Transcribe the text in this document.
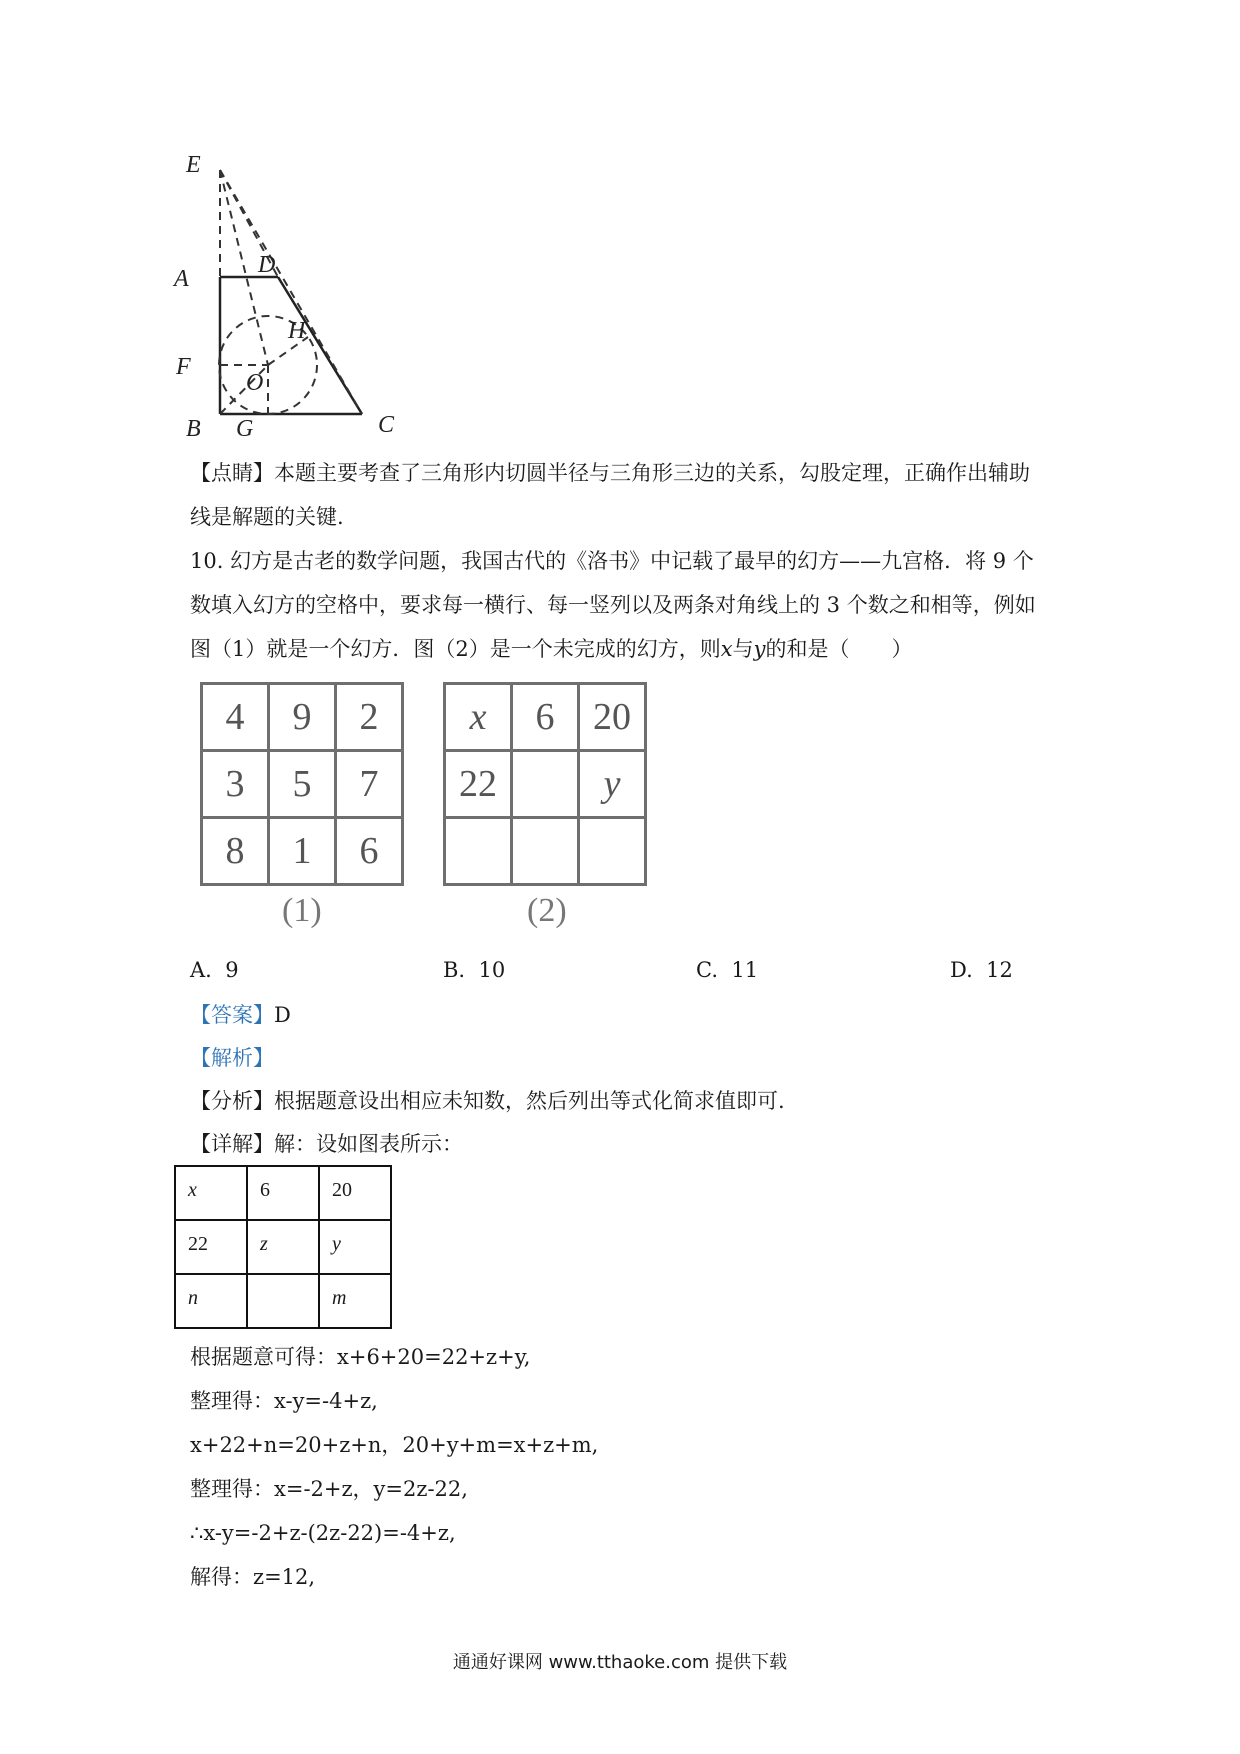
E
A
D
H
F
O
B G	C
【点睛】本题主要考查了三角形内切圆半径与三角形三边的关系，勾股定理，正确作出辅助
线是解题的关键.
10. 幻方是古老的数学问题，我国古代的《洛书》中记载了最早的幻方——九宫格．将 9 个
数填入幻方的空格中，要求每一横行、每一竖列以及两条对角线上的 3 个数之和相等，例如
图（1）就是一个幻方．图（2）是一个未完成的幻方，则x与y的和是（　　）
4	9	2
3	5	7
8	1	6
(1)
x	6	20
22		y

(2)
A. 9	B. 10	C. 11	D. 12
【答案】D
【解析】
【分析】根据题意设出相应未知数，然后列出等式化简求值即可.
【详解】解：设如图表所示：
x	6	20
22	z	y
n		m
根据题意可得：x+6+20=22+z+y,
整理得：x-y=-4+z,
x+22+n=20+z+n，20+y+m=x+z+m,
整理得：x=-2+z，y=2z-22,
∴x-y=-2+z-(2z-22)=-4+z,
解得：z=12,
通通好课网 www.tthaoke.com 提供下载
